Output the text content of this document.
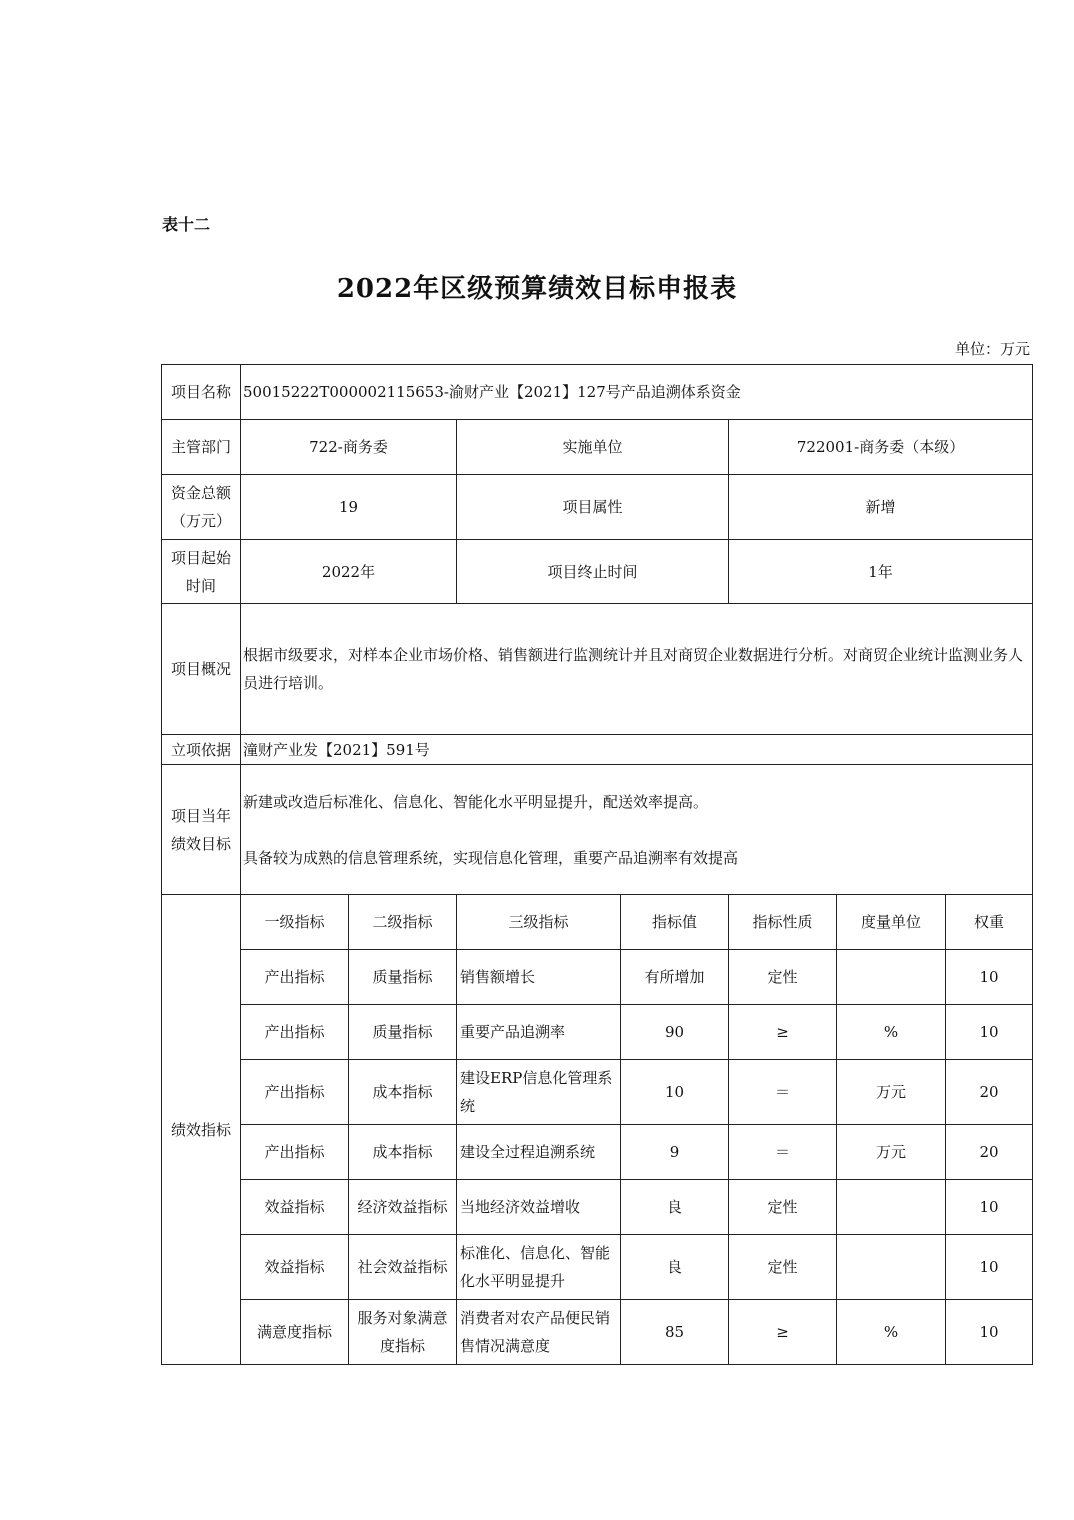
表十二
2022年区级预算绩效目标申报表
单位：万元
项目名称	50015222T000002115653-渝财产业【2021】127号产品追溯体系资金						
主管部门	722-商务委		实施单位		722001-商务委（本级）		
资金总额
（万元）	19		项目属性		新增		
项目起始
时间	2022年		项目终止时间		1年		
项目概况	根据市级要求，对样本企业市场价格、销售额进行监测统计并且对商贸企业数据进行分析。对商贸企业统计监测业务人员进行培训。						
立项依据	潼财产业发【2021】591号						
项目当年
绩效目标	新建或改造后标准化、信息化、智能化水平明显提升，配送效率提高。
具备较为成熟的信息管理系统，实现信息化管理，重要产品追溯率有效提高						

绩效指标	一级指标	二级指标	三级指标	指标值	指标性质	度量单位	权重
	产出指标	质量指标	销售额增长	有所增加	定性		10
	产出指标	质量指标	重要产品追溯率	90	≥	%	10
	产出指标	成本指标	建设ERP信息化管理系统	10	＝	万元	20
	产出指标	成本指标	建设全过程追溯系统	9	＝	万元	20
	效益指标	经济效益指标	当地经济效益增收	良	定性		10
	效益指标	社会效益指标	标准化、信息化、智能化水平明显提升	良	定性		10
	满意度指标	服务对象满意度指标	消费者对农产品便民销售情况满意度	85	≥	%	10
